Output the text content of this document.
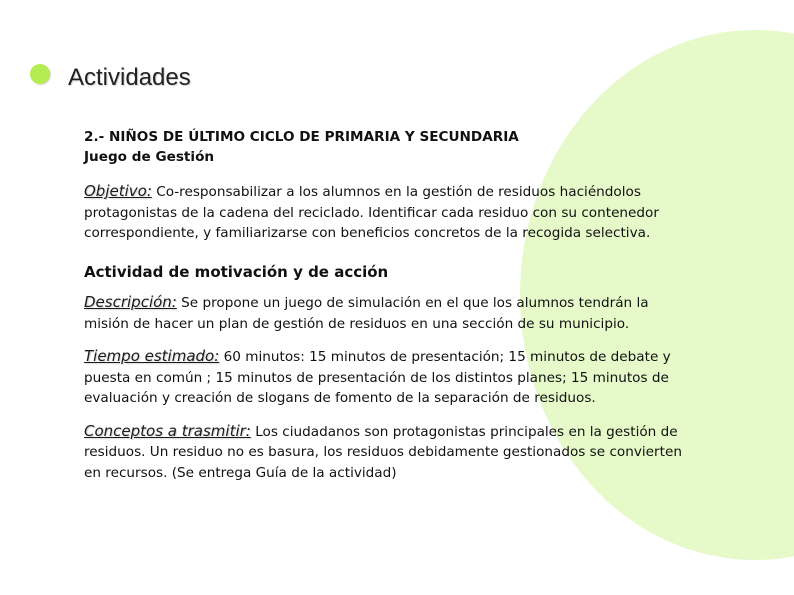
Actividades
2.- NIÑOS DE ÚLTIMO CICLO DE PRIMARIA Y SECUNDARIA
Juego de Gestión
Objetivo: Co-responsabilizar a los alumnos en la gestión de residuos haciéndolos protagonistas de la cadena del reciclado. Identificar cada residuo con su contenedor correspondiente, y familiarizarse con beneficios concretos de la recogida selectiva.
Actividad de motivación y de acción
Descripción: Se propone un juego de simulación en el que los alumnos tendrán la misión de hacer un plan de gestión de residuos en una sección de su municipio.
Tiempo estimado: 60 minutos: 15 minutos de presentación; 15 minutos de debate y puesta en común ; 15 minutos de presentación de los distintos planes; 15 minutos de evaluación y creación de slogans de fomento de la separación de residuos.
Conceptos a trasmitir: Los ciudadanos son protagonistas principales en la gestión de residuos. Un residuo no es basura, los residuos debidamente gestionados se convierten en recursos. (Se entrega Guía de la actividad)
